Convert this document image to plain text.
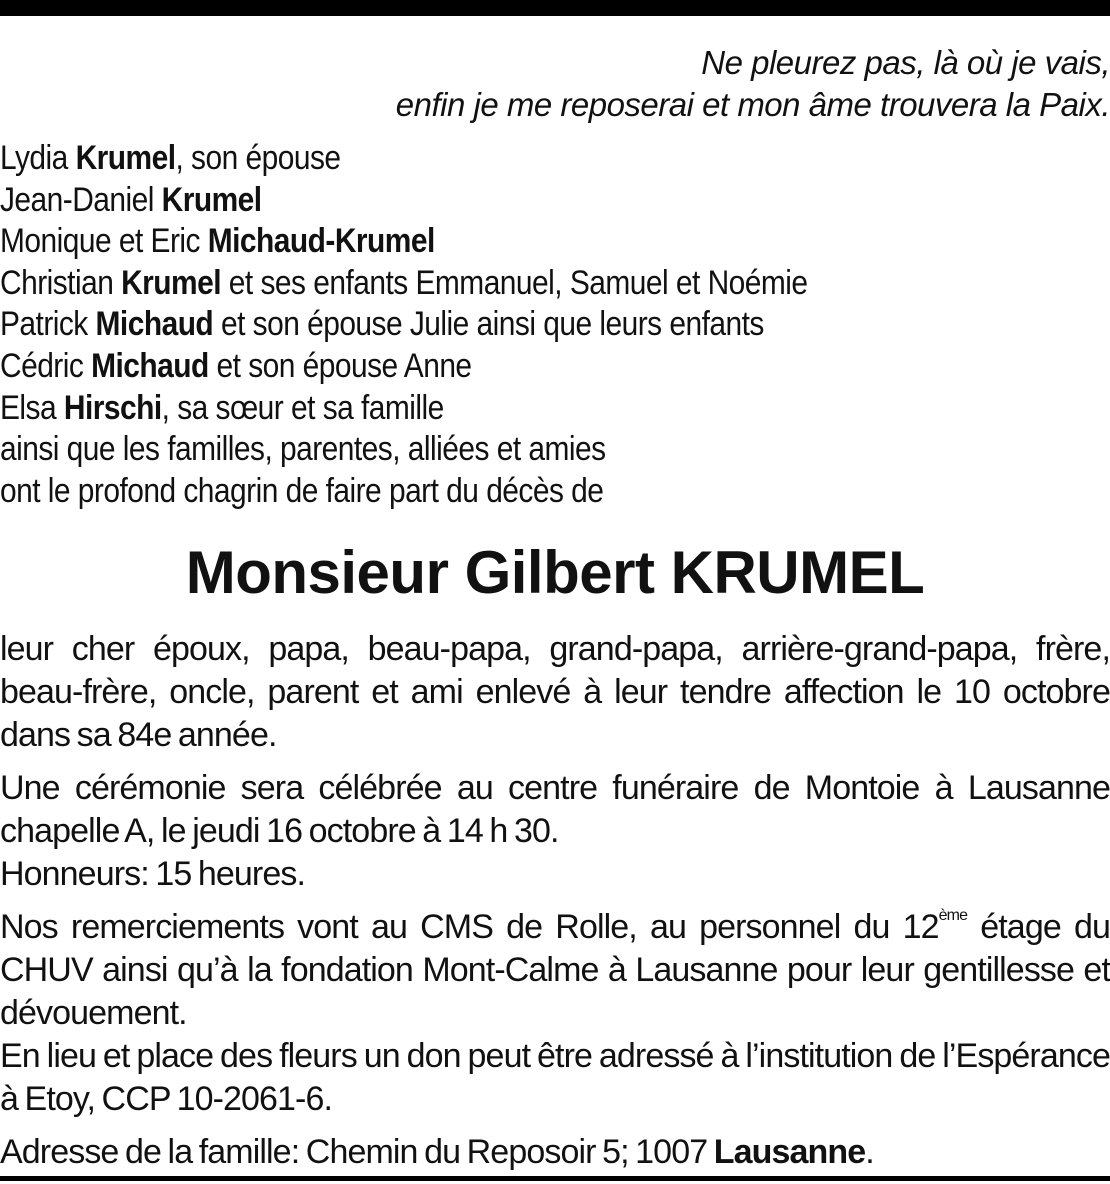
Ne pleurez pas, là où je vais,
enfin je me reposerai et mon âme trouvera la Paix.
Lydia Krumel, son épouse
Jean-Daniel Krumel
Monique et Eric Michaud-Krumel
Christian Krumel et ses enfants Emmanuel, Samuel et Noémie
Patrick Michaud et son épouse Julie ainsi que leurs enfants
Cédric Michaud et son épouse Anne
Elsa Hirschi, sa sœur et sa famille
ainsi que les familles, parentes, alliées et amies
ont le profond chagrin de faire part du décès de
Monsieur Gilbert KRUMEL

leur cher époux, papa, beau-papa, grand-papa, arrière-grand-papa, frère, beau-frère, oncle, parent et ami enlevé à leur tendre affection le 10 octobre dans sa 84e année.

Une cérémonie sera célébrée au centre funéraire de Montoie à Lausanne chapelle A, le jeudi 16 octobre à 14 h 30.
Honneurs: 15 heures.
Nos remerciements vont au CMS de Rolle, au personnel du 12ème étage du CHUV ainsi qu’à la fondation Mont-Calme à Lausanne pour leur gentillesse et dévouement.

En lieu et place des fleurs un don peut être adressé à l’institution de l’Espérance à Etoy, CCP 10-2061-6.

Adresse de la famille: Chemin du Reposoir 5; 1007 Lausanne.
